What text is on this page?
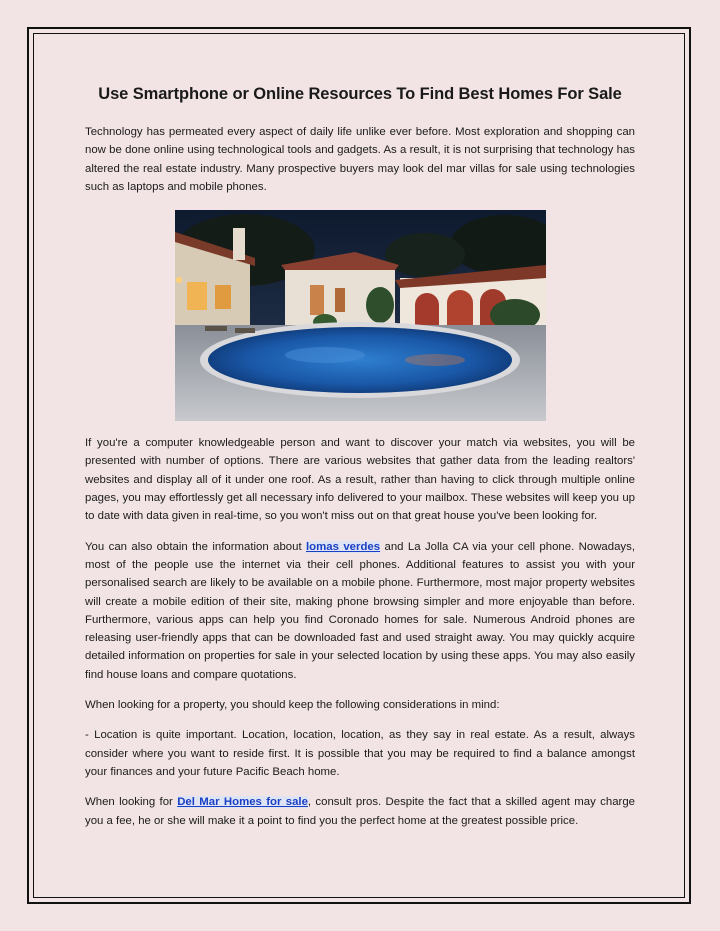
Use Smartphone or Online Resources To Find Best Homes For Sale

Technology has permeated every aspect of daily life unlike ever before. Most exploration and shopping can now be done online using technological tools and gadgets. As a result, it is not surprising that technology has altered the real estate industry. Many prospective buyers may look del mar villas for sale using technologies such as laptops and mobile phones.

If you're a computer knowledgeable person and want to discover your match via websites, you will be presented with number of options. There are various websites that gather data from the leading realtors' websites and display all of it under one roof. As a result, rather than having to click through multiple online pages, you may effortlessly get all necessary info delivered to your mailbox. These websites will keep you up to date with data given in real-time, so you won't miss out on that great house you've been looking for.

You can also obtain the information about lomas verdes and La Jolla CA via your cell phone. Nowadays, most of the people use the internet via their cell phones. Additional features to assist you with your personalised search are likely to be available on a mobile phone. Furthermore, most major property websites will create a mobile edition of their site, making phone browsing simpler and more enjoyable than before. Furthermore, various apps can help you find Coronado homes for sale. Numerous Android phones are releasing user-friendly apps that can be downloaded fast and used straight away. You may quickly acquire detailed information on properties for sale in your selected location by using these apps. You may also easily find house loans and compare quotations.

When looking for a property, you should keep the following considerations in mind:

- Location is quite important. Location, location, location, as they say in real estate. As a result, always consider where you want to reside first. It is possible that you may be required to find a balance amongst your finances and your future Pacific Beach home.

When looking for Del Mar Homes for sale, consult pros. Despite the fact that a skilled agent may charge you a fee, he or she will make it a point to find you the perfect home at the greatest possible price.
